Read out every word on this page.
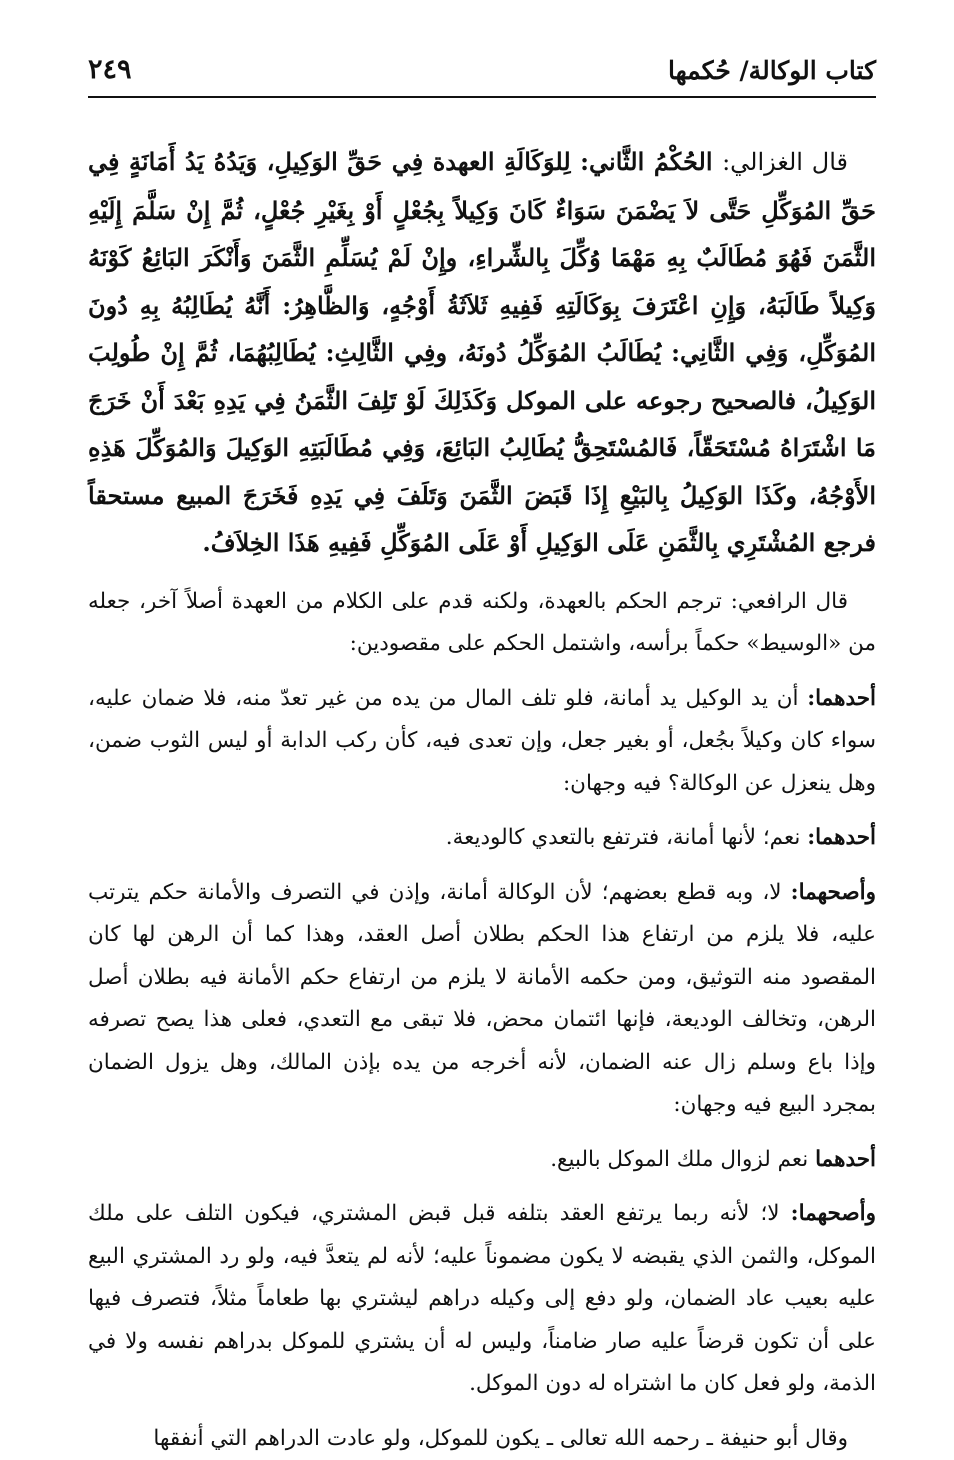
كتاب الوكالة/ حُكمها
٢٤٩

قال الغزالي: الحُكْمُ الثَّاني: لِلوَكَالَةِ العهدة فِي حَقِّ الوَكِيلِ، وَيَدُهُ يَدُ أَمَانَةٍ فِي حَقِّ المُوَكِّلِ حَتَّى لاَ يَضْمَنَ سَوَاءٌ كَانَ وَكِيلاً بِجُعْلٍ أَوْ بِغَيْرِ جُعْلٍ، ثُمَّ إِنْ سَلَّمَ إِلَيْهِ الثَّمَنَ فَهُوَ مُطَالَبٌ بِهِ مَهْمَا وُكِّلَ بِالشِّراءِ، وإِنْ لَمْ يُسَلِّمِ الثَّمَنَ وَأَنْكَرَ البَائِعُ كَوْنَهُ وَكِيلاً طَالَبَهُ، وَإِنِ اعْتَرَفَ بِوَكَالَتِهِ فَفِيهِ ثَلاَثَةُ أَوْجُهٍ، وَالظَّاهِرُ: أَنَّهُ يُطَالِبُهُ بِهِ دُونَ المُوَكِّلِ، وَفِي الثَّانِي: يُطَالَبُ المُوَكِّلُ دُونَهُ، وفِي الثَّالِثِ: يُطَالِبُهُمَا، ثُمَّ إِنْ طُولِبَ الوَكِيلُ، فالصحيح رجوعه على الموكل وَكَذَلِكَ لَوْ تَلِفَ الثَّمَنُ فِي يَدِهِ بَعْدَ أَنْ خَرَجَ مَا اشْتَرَاهُ مُسْتَحَقّاً، فَالمُسْتَحِقُّ يُطَالِبُ البَائِعَ، وَفِي مُطَالَبَتِهِ الوَكِيلَ وَالمُوَكِّلَ هَذِهِ الأَوْجُهُ، وكَذَا الوَكِيلُ بِالبَيْعِ إِذَا قَبَضَ الثَّمَنَ وَتَلَفَ فِي يَدِهِ فَخَرَجَ المبيع مستحقاً فرجع المُشْتَرِي بِالثَّمَنِ عَلَى الوَكِيلِ أَوْ عَلَى المُوَكِّلِ فَفِيهِ هَذَا الخِلاَفُ.

قال الرافعي: ترجم الحكم بالعهدة، ولكنه قدم على الكلام من العهدة أصلاً آخر، جعله من «الوسيط» حكماً برأسه، واشتمل الحكم على مقصودين:

أحدهما: أن يد الوكيل يد أمانة، فلو تلف المال من يده من غير تعدّ منه، فلا ضمان عليه، سواء كان وكيلاً بجُعل، أو بغير جعل، وإن تعدى فيه، كأن ركب الدابة أو ليس الثوب ضمن، وهل ينعزل عن الوكالة؟ فيه وجهان:

أحدهما: نعم؛ لأنها أمانة، فترتفع بالتعدي كالوديعة.

وأصحهما: لا، وبه قطع بعضهم؛ لأن الوكالة أمانة، وإذن في التصرف والأمانة حكم يترتب عليه، فلا يلزم من ارتفاع هذا الحكم بطلان أصل العقد، وهذا كما أن الرهن لها كان المقصود منه التوثيق، ومن حكمه الأمانة لا يلزم من ارتفاع حكم الأمانة فيه بطلان أصل الرهن، وتخالف الوديعة، فإنها ائتمان محض، فلا تبقى مع التعدي، فعلى هذا يصح تصرفه وإذا باع وسلم زال عنه الضمان، لأنه أخرجه من يده بإذن المالك، وهل يزول الضمان بمجرد البيع فيه وجهان:

أحدهما نعم لزوال ملك الموكل بالبيع.

وأصحهما: لا؛ لأنه ربما يرتفع العقد بتلفه قبل قبض المشتري، فيكون التلف على ملك الموكل، والثمن الذي يقبضه لا يكون مضموناً عليه؛ لأنه لم يتعدَّ فيه، ولو رد المشتري البيع عليه بعيب عاد الضمان، ولو دفع إلى وكيله دراهم ليشتري بها طعاماً مثلاً، فتصرف فيها على أن تكون قرضاً عليه صار ضامناً، وليس له أن يشتري للموكل بدراهم نفسه ولا في الذمة، ولو فعل كان ما اشتراه له دون الموكل.

وقال أبو حنيفة ـ رحمه الله تعالى ـ يكون للموكل، ولو عادت الدراهم التي أنفقها
